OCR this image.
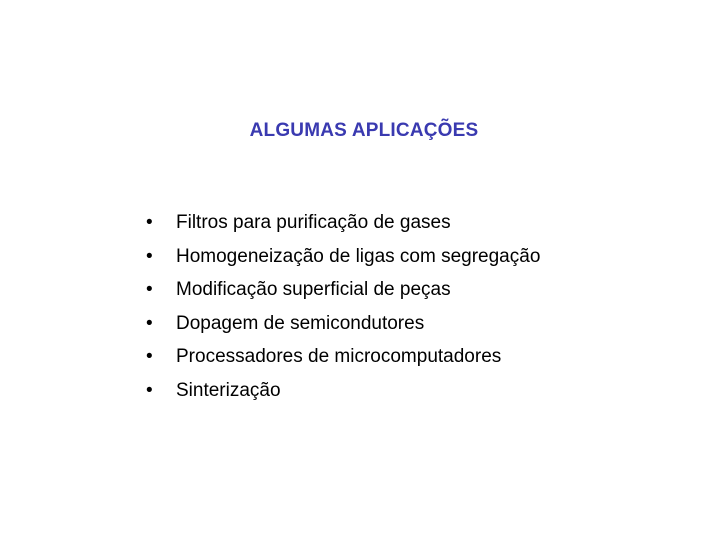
ALGUMAS APLICAÇÕES
• Filtros para purificação de gases
• Homogeneização de ligas com segregação
• Modificação superficial de peças
• Dopagem de semicondutores
• Processadores de microcomputadores
• Sinterização
